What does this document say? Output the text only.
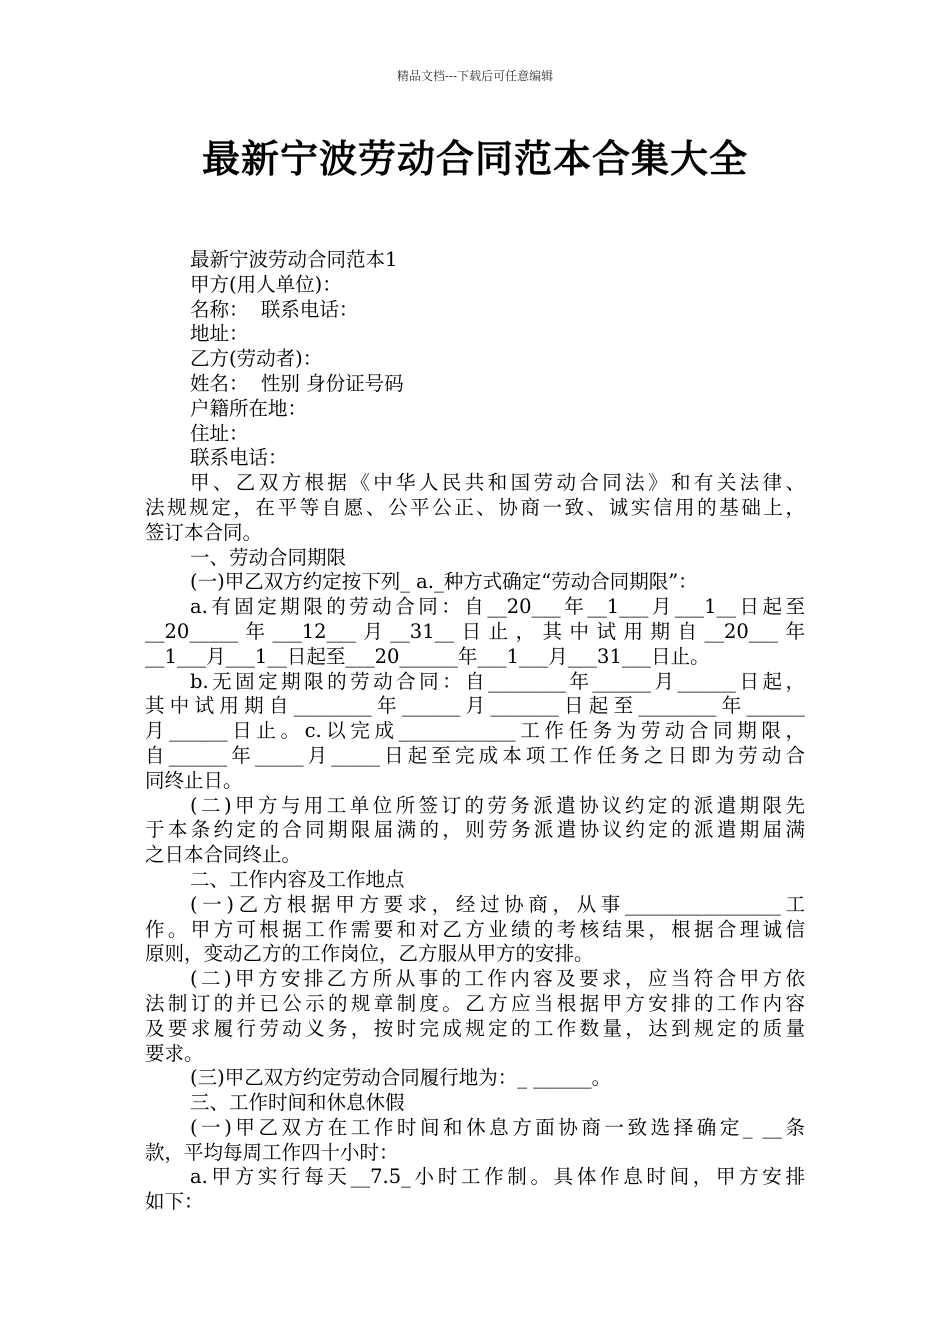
精品文档---下载后可任意编辑
最新宁波劳动合同范本合集大全
最新宁波劳动合同范本1
甲方(用人单位)：
名称：  联系电话：
地址：
乙方(劳动者)：
姓名：  性别 身份证号码
户籍所在地：
住址：
联系电话：
甲、乙双方根据《中华人民共和国劳动合同法》和有关法律、
法规规定，在平等自愿、公平公正、协商一致、诚实信用的基础上，
签订本合同。
一、劳动合同期限
(一)甲乙双方约定按下列_ a._种方式确定“劳动合同期限”：
a.有固定期限的劳动合同：自__20___年__1___月___1__日起至
__20_____年___12___月__31__日止，其中试用期自__20___年
__1___月___1__日起至___20______年___1___月___31___日止。
b.无固定期限的劳动合同：自________年______月______日起，
其中试用期自________年______月_______日起至________年______
月______日止。c.以完成____________工作任务为劳动合同期限，
自______年_____月_____日起至完成本项工作任务之日即为劳动合
同终止日。
(二)甲方与用工单位所签订的劳务派遣协议约定的派遣期限先
于本条约定的合同期限届满的，则劳务派遣协议约定的派遣期届满
之日本合同终止。
二、工作内容及工作地点
(一)乙方根据甲方要求，经过协商，从事________________工
作。甲方可根据工作需要和对乙方业绩的考核结果，根据合理诚信
原则，变动乙方的工作岗位，乙方服从甲方的安排。
(二)甲方安排乙方所从事的工作内容及要求，应当符合甲方依
法制订的并已公示的规章制度。乙方应当根据甲方安排的工作内容
及要求履行劳动义务，按时完成规定的工作数量，达到规定的质量
要求。
(三)甲乙双方约定劳动合同履行地为：_ ______。
三、工作时间和休息休假
(一)甲乙双方在工作时间和休息方面协商一致选择确定_ __条
款，平均每周工作四十小时：
a.甲方实行每天__7.5_小时工作制。具体作息时间，甲方安排
如下：
